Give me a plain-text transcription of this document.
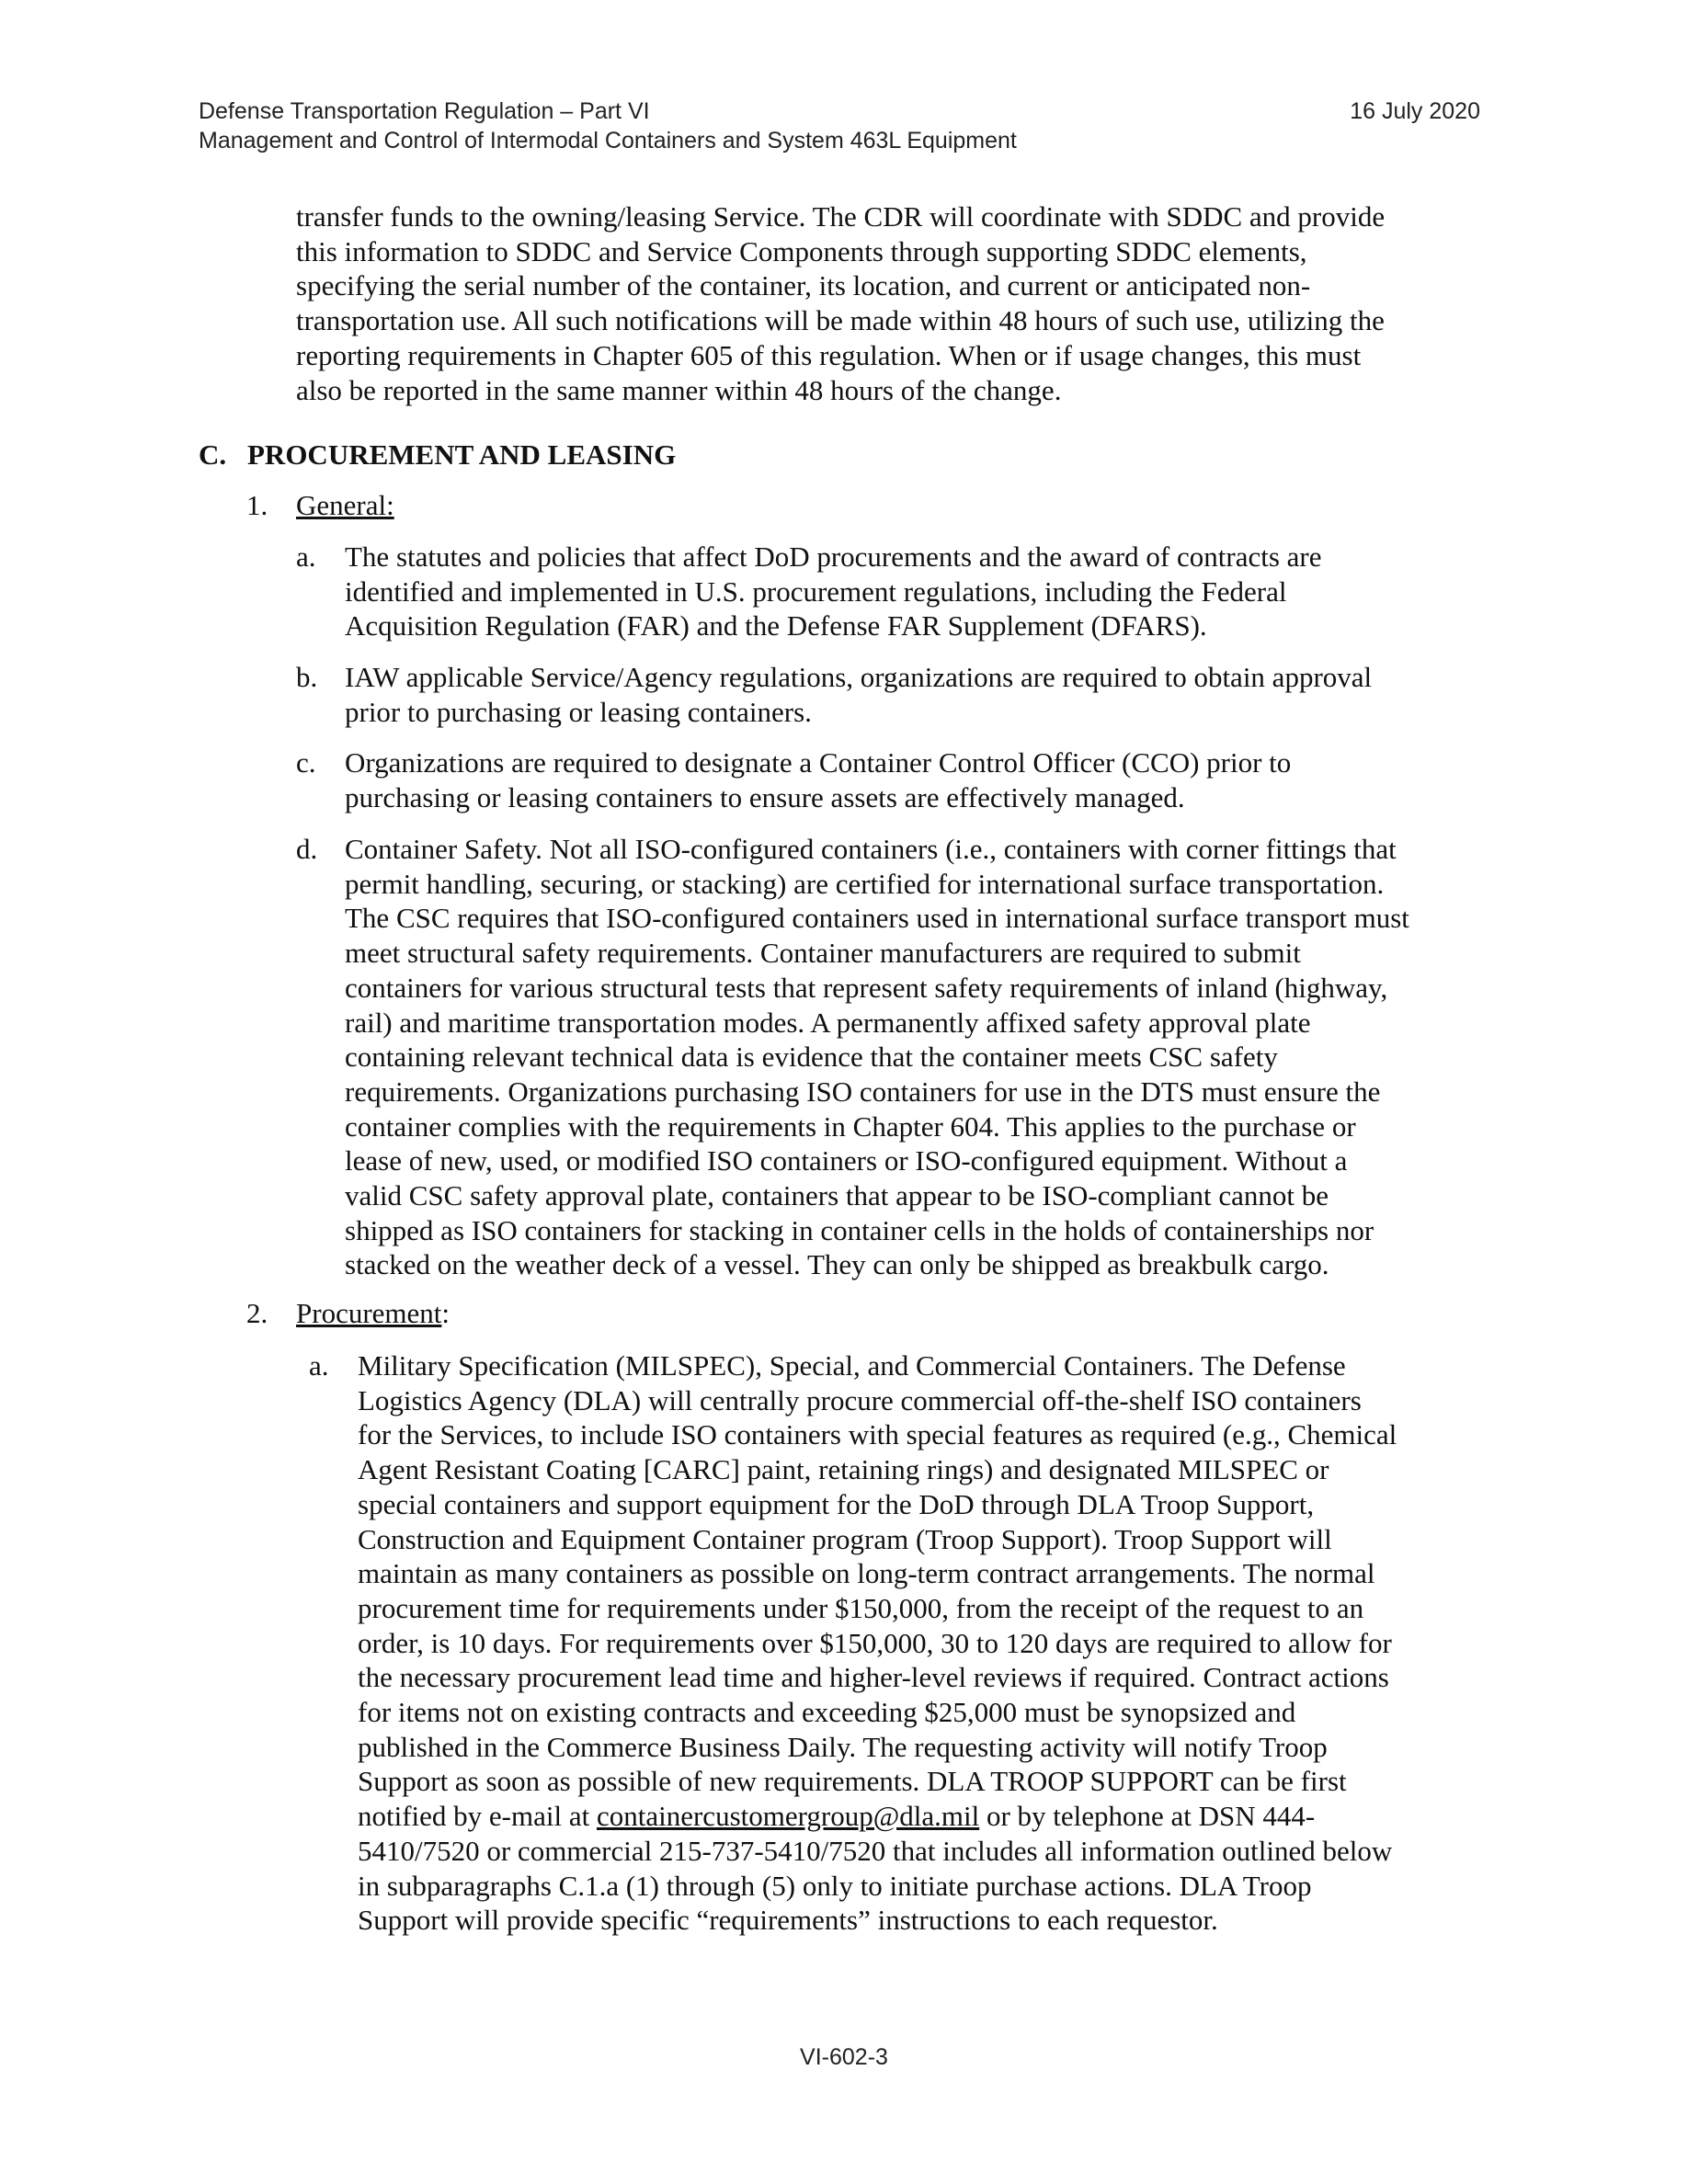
Defense Transportation Regulation – Part VI
Management and Control of Intermodal Containers and System 463L Equipment
16 July 2020
transfer funds to the owning/leasing Service. The CDR will coordinate with SDDC and provide
this information to SDDC and Service Components through supporting SDDC elements,
specifying the serial number of the container, its location, and current or anticipated non-
transportation use. All such notifications will be made within 48 hours of such use, utilizing the
reporting requirements in Chapter 605 of this regulation. When or if usage changes, this must
also be reported in the same manner within 48 hours of the change.
C. PROCUREMENT AND LEASING
1. General:
a. The statutes and policies that affect DoD procurements and the award of contracts are
identified and implemented in U.S. procurement regulations, including the Federal
Acquisition Regulation (FAR) and the Defense FAR Supplement (DFARS).
b. IAW applicable Service/Agency regulations, organizations are required to obtain approval
prior to purchasing or leasing containers.
c. Organizations are required to designate a Container Control Officer (CCO) prior to
purchasing or leasing containers to ensure assets are effectively managed.
d. Container Safety. Not all ISO-configured containers (i.e., containers with corner fittings that
permit handling, securing, or stacking) are certified for international surface transportation.
The CSC requires that ISO-configured containers used in international surface transport must
meet structural safety requirements. Container manufacturers are required to submit
containers for various structural tests that represent safety requirements of inland (highway,
rail) and maritime transportation modes. A permanently affixed safety approval plate
containing relevant technical data is evidence that the container meets CSC safety
requirements. Organizations purchasing ISO containers for use in the DTS must ensure the
container complies with the requirements in Chapter 604. This applies to the purchase or
lease of new, used, or modified ISO containers or ISO-configured equipment. Without a
valid CSC safety approval plate, containers that appear to be ISO-compliant cannot be
shipped as ISO containers for stacking in container cells in the holds of containerships nor
stacked on the weather deck of a vessel. They can only be shipped as breakbulk cargo.
2. Procurement:
a. Military Specification (MILSPEC), Special, and Commercial Containers. The Defense
Logistics Agency (DLA) will centrally procure commercial off-the-shelf ISO containers
for the Services, to include ISO containers with special features as required (e.g., Chemical
Agent Resistant Coating [CARC] paint, retaining rings) and designated MILSPEC or
special containers and support equipment for the DoD through DLA Troop Support,
Construction and Equipment Container program (Troop Support). Troop Support will
maintain as many containers as possible on long-term contract arrangements. The normal
procurement time for requirements under $150,000, from the receipt of the request to an
order, is 10 days. For requirements over $150,000, 30 to 120 days are required to allow for
the necessary procurement lead time and higher-level reviews if required. Contract actions
for items not on existing contracts and exceeding $25,000 must be synopsized and
published in the Commerce Business Daily. The requesting activity will notify Troop
Support as soon as possible of new requirements. DLA TROOP SUPPORT can be first
notified by e-mail at containercustomergroup@dla.mil or by telephone at DSN 444-
5410/7520 or commercial 215-737-5410/7520 that includes all information outlined below
in subparagraphs C.1.a (1) through (5) only to initiate purchase actions. DLA Troop
Support will provide specific “requirements” instructions to each requestor.
VI-602-3
